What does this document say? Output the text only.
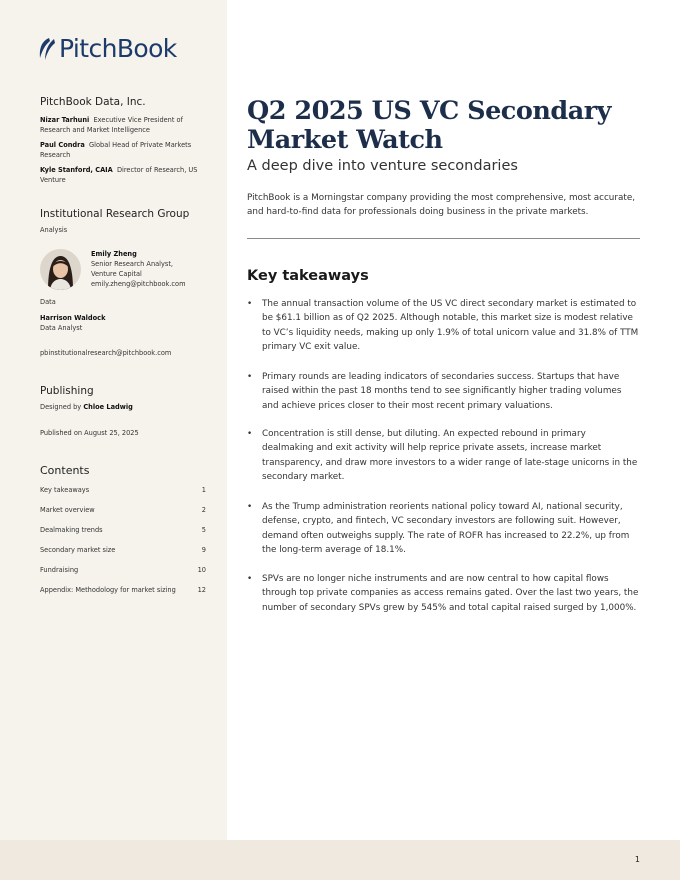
PitchBook
PitchBook Data, Inc.
Nizar Tarhuni Executive Vice President of Research and Market Intelligence
Paul Condra Global Head of Private Markets Research
Kyle Stanford, CAIA Director of Research, US Venture
Institutional Research Group
Analysis
Emily Zheng
Senior Research Analyst,
Venture Capital
emily.zheng@pitchbook.com
Data
Harrison Waldock
Data Analyst
pbinstitutionalresearch@pitchbook.com
Publishing
Designed by Chloe Ladwig
Published on August 25, 2025
Contents
Key takeaways	1
Market overview	2
Dealmaking trends	5
Secondary market size	9
Fundraising	10
Appendix: Methodology for market sizing	12
Q2 2025 US VC Secondary
Market Watch
A deep dive into venture secondaries
PitchBook is a Morningstar company providing the most comprehensive, most accurate, and hard-to-find data for professionals doing business in the private markets.
Key takeaways
• The annual transaction volume of the US VC direct secondary market is estimated to be $61.1 billion as of Q2 2025. Although notable, this market size is modest relative to VC’s liquidity needs, making up only 1.9% of total unicorn value and 31.8% of TTM primary VC exit value.
• Primary rounds are leading indicators of secondaries success. Startups that have raised within the past 18 months tend to see significantly higher trading volumes and achieve prices closer to their most recent primary valuations.
• Concentration is still dense, but diluting. An expected rebound in primary dealmaking and exit activity will help reprice private assets, increase market transparency, and draw more investors to a wider range of late-stage unicorns in the secondary market.
• As the Trump administration reorients national policy toward AI, national security, defense, crypto, and fintech, VC secondary investors are following suit. However, demand often outweighs supply. The rate of ROFR has increased to 22.2%, up from the long-term average of 18.1%.
• SPVs are no longer niche instruments and are now central to how capital flows through top private companies as access remains gated. Over the last two years, the number of secondary SPVs grew by 545% and total capital raised surged by 1,000%.
1
